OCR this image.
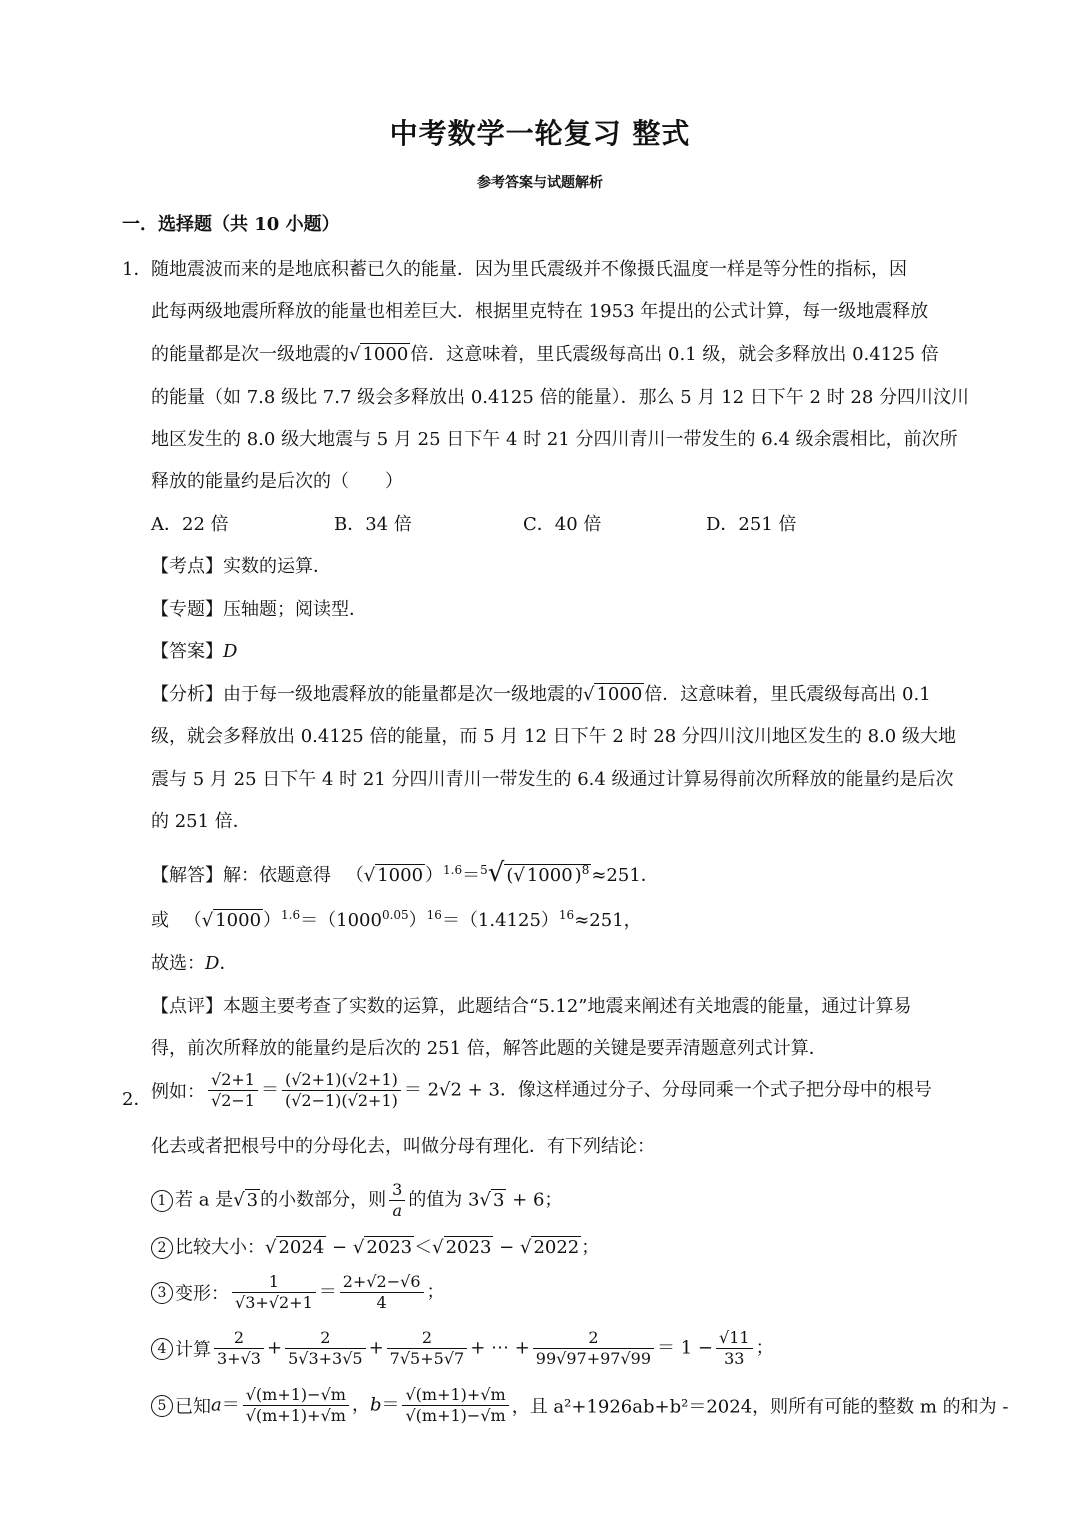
中考数学一轮复习 整式
参考答案与试题解析
一．选择题（共 10 小题）
1． 随地震波而来的是地底积蓄已久的能量．因为里氏震级并不像摄氏温度一样是等分性的指标，因
此每两级地震所释放的能量也相差巨大．根据里克特在 1953 年提出的公式计算，每一级地震释放
的能量都是次一级地震的√ 1000 倍．这意味着，里氏震级每高出 0.1 级，就会多释放出 0.4125 倍
的能量（如 7.8 级比 7.7 级会多释放出 0.4125 倍的能量）．那么 5 月 12 日下午 2 时 28 分四川汶川
地区发生的 8.0 级大地震与 5 月 25 日下午 4 时 21 分四川青川一带发生的 6.4 级余震相比，前次所
释放的能量约是后次的（　　）
A．22 倍	B．34 倍	C．40 倍	D．251 倍
【考点】实数的运算．
【专题】压轴题；阅读型．
【答案】D
【分析】由于每一级地震释放的能量都是次一级地震的√ 1000 倍．这意味着，里氏震级每高出 0.1
级，就会多释放出 0.4125 倍的能量，而 5 月 12 日下午 2 时 28 分四川汶川地区发生的 8.0 级大地
震与 5 月 25 日下午 4 时 21 分四川青川一带发生的 6.4 级通过计算易得前次所释放的能量约是后次
的 251 倍．
【解答】解：依题意得 　（√ 1000 ）$^{1.6}$＝$^5$√ (√ 1000 )$^8$ ≈251．
或 　（√ 1000 ）$^{1.6}=(1000^{0.05})^{16}=(1.4125)^{16}\approx 251$，
故选：D．
【点评】本题主要考查了实数的运算，此题结合“5.12”地震来阐述有关地震的能量，通过计算易
得，前次所释放的能量约是后次的 251 倍，解答此题的关键是要弄清题意列式计算．
2． 例如： $\frac{√2+1}{√2-1} = \frac{(√2+1)(√2+1)}{(√2-1)(√2+1)} = 2√2 + 3$．像这样通过分子、分母同乘一个式子把分母中的根号
化去或者把根号中的分母化去，叫做分母有理化．有下列结论：
1 若 a 是√ 3 的小数部分，则 $\frac{3}{a}$ 的值为 3√ 3 + 6；
2 比较大小：√ 2024 − √ 2023 ＜√ 2023 − √ 2022 ；
3 变形： $\frac{1}{√3+√2+1} = \frac{2+√2-√6}{4}$ ；
4 计算 $\frac{2}{3+√3} + \frac{2}{5√3+3√5} + \frac{2}{7√5+5√7}$ + ⋯ + $\frac{2}{99√97+97√99} = 1 - \frac{√11}{33}$ ；
5 已知$a= \frac{√(m+1)-√m}{√(m+1)+√m}$ ，$b= \frac{√(m+1)+√m}{√(m+1)-√m}$ ，且 a²+1926ab+b²＝2024，则所有可能的整数 m 的和为 -
